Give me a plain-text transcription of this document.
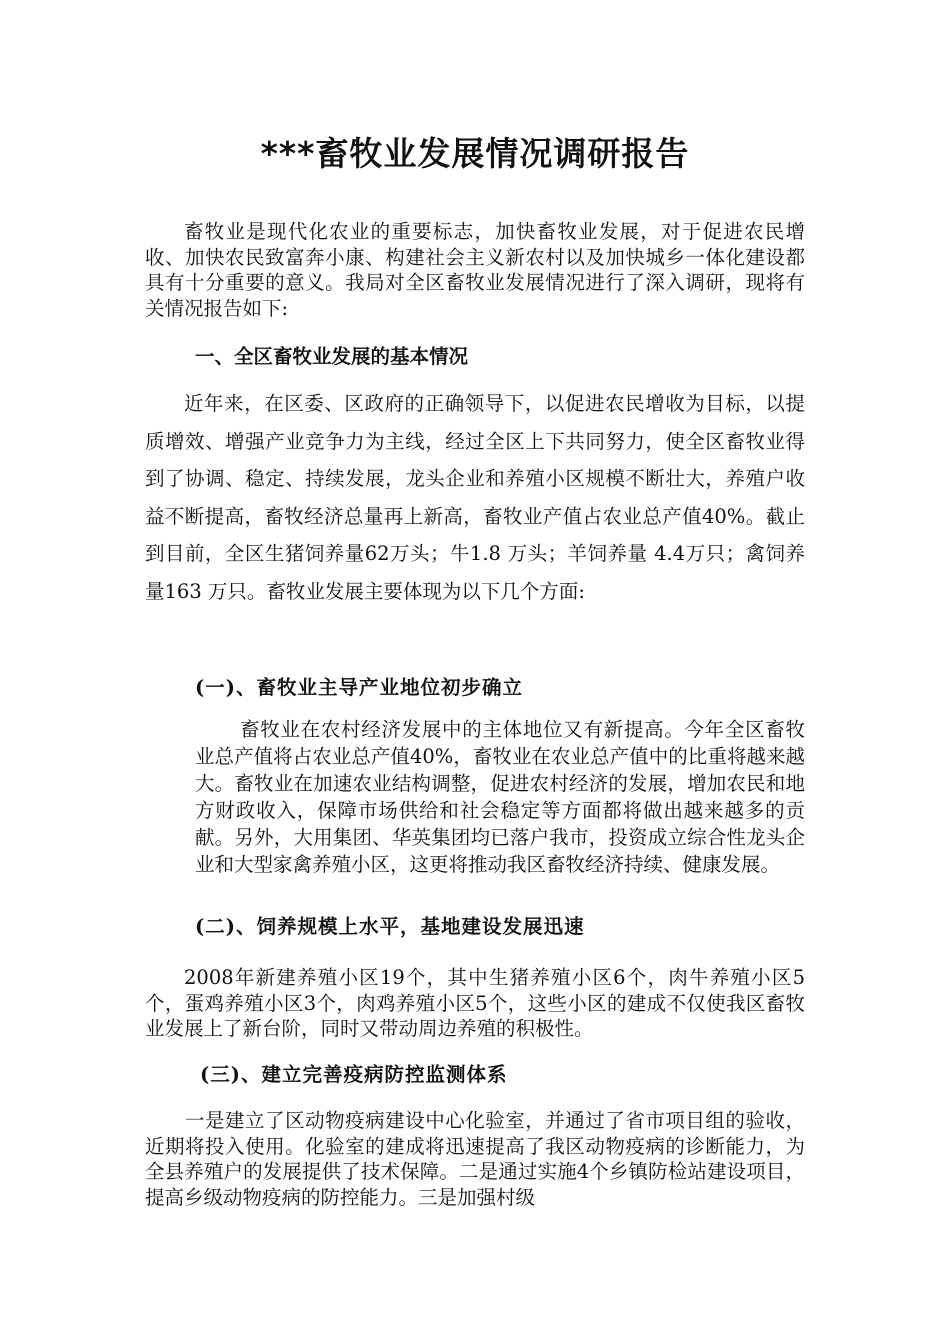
***畜牧业发展情况调研报告

畜牧业是现代化农业的重要标志，加快畜牧业发展，对于促进农民增收、加快农民致富奔小康、构建社会主义新农村以及加快城乡一体化建设都具有十分重要的意义。我局对全区畜牧业发展情况进行了深入调研，现将有关情况报告如下:

一、全区畜牧业发展的基本情况

近年来，在区委、区政府的正确领导下，以促进农民增收为目标，以提质增效、增强产业竞争力为主线，经过全区上下共同努力，使全区畜牧业得到了协调、稳定、持续发展，龙头企业和养殖小区规模不断壮大，养殖户收益不断提高，畜牧经济总量再上新高，畜牧业产值占农业总产值40%。截止到目前，全区生猪饲养量62万头；牛1.8 万头；羊饲养量 4.4万只；禽饲养量163 万只。畜牧业发展主要体现为以下几个方面:

(一)、畜牧业主导产业地位初步确立

畜牧业在农村经济发展中的主体地位又有新提高。今年全区畜牧业总产值将占农业总产值40%，畜牧业在农业总产值中的比重将越来越大。畜牧业在加速农业结构调整，促进农村经济的发展，增加农民和地方财政收入，保障市场供给和社会稳定等方面都将做出越来越多的贡献。另外，大用集团、华英集团均已落户我市，投资成立综合性龙头企业和大型家禽养殖小区，这更将推动我区畜牧经济持续、健康发展。

(二)、饲养规模上水平，基地建设发展迅速

2008年新建养殖小区19个，其中生猪养殖小区6个，肉牛养殖小区5个，蛋鸡养殖小区3个，肉鸡养殖小区5个，这些小区的建成不仅使我区畜牧业发展上了新台阶，同时又带动周边养殖的积极性。

(三)、建立完善疫病防控监测体系

一是建立了区动物疫病建设中心化验室，并通过了省市项目组的验收，近期将投入使用。化验室的建成将迅速提高了我区动物疫病的诊断能力，为全县养殖户的发展提供了技术保障。二是通过实施4个乡镇防检站建设项目，提高乡级动物疫病的防控能力。三是加强村级
